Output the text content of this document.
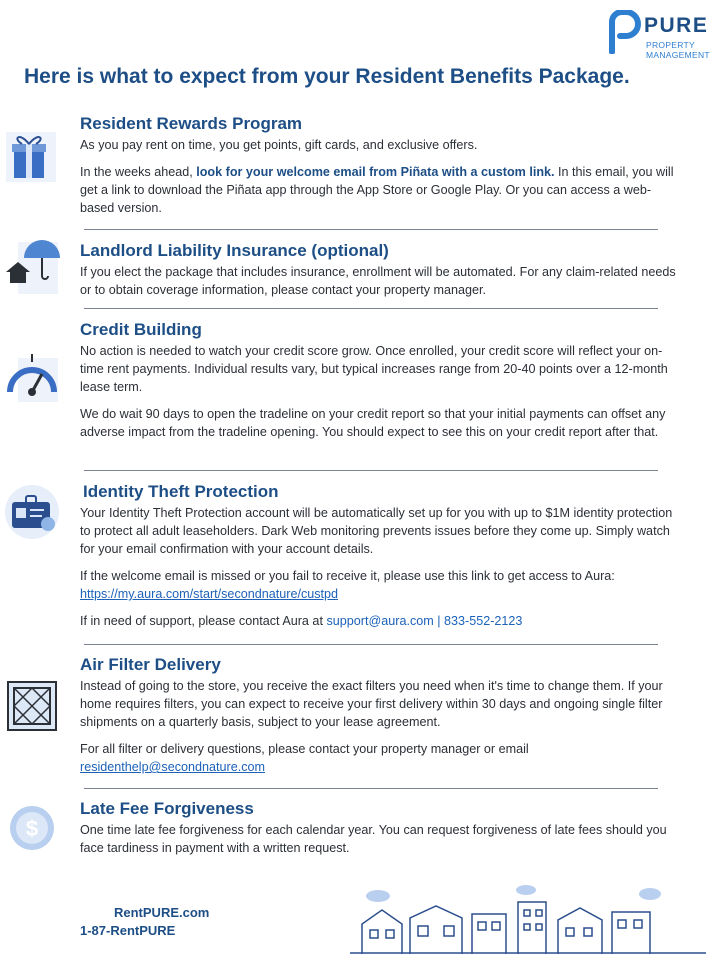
PURE
PROPERTY
MANAGEMENT
Here is what to expect from your Resident Benefits Package.
$
Resident Rewards Program

As you pay rent on time, you get points, gift cards, and exclusive offers.

In the weeks ahead, look for your welcome email from Piñata with a custom link. In this email, you will get a link to download the Piñata app through the App Store or Google Play. Or you can access a web-based version.

Landlord Liability Insurance (optional)

If you elect the package that includes insurance, enrollment will be automated. For any claim-related needs or to obtain coverage information, please contact your property manager.

Credit Building

No action is needed to watch your credit score grow. Once enrolled, your credit score will reflect your on-time rent payments. Individual results vary, but typical increases range from 20-40 points over a 12-month lease term.

We do wait 90 days to open the tradeline on your credit report so that your initial payments can offset any adverse impact from the tradeline opening. You should expect to see this on your credit report after that.

Identity Theft Protection

Your Identity Theft Protection account will be automatically set up for you with up to $1M identity protection to protect all adult leaseholders. Dark Web monitoring prevents issues before they come up. Simply watch for your email confirmation with your account details.

If the welcome email is missed or you fail to receive it, please use this link to get access to Aura: https://my.aura.com/start/secondnature/custpd

If in need of support, please contact Aura at support@aura.com | 833-552-2123

Air Filter Delivery

Instead of going to the store, you receive the exact filters you need when it's time to change them. If your home requires filters, you can expect to receive your first delivery within 30 days and ongoing single filter shipments on a quarterly basis, subject to your lease agreement.

For all filter or delivery questions, please contact your property manager or email residenthelp@secondnature.com

Late Fee Forgiveness

One time late fee forgiveness for each calendar year. You can request forgiveness of late fees should you face tardiness in payment with a written request.

RentPURE.com
1-87-RentPURE
